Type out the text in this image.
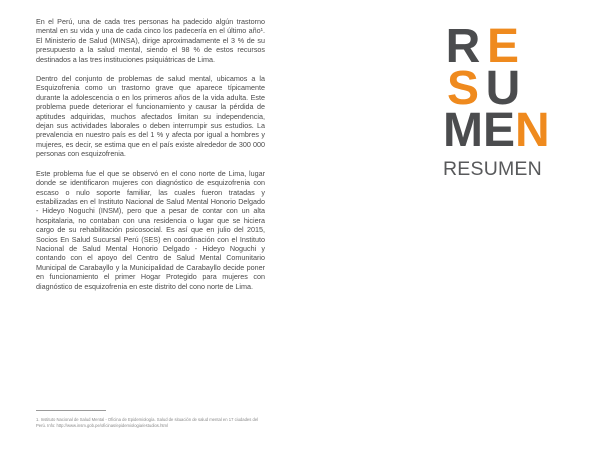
En el Perú, una de cada tres personas ha padecido algún trastorno mental en su vida y una de cada cinco los padecería en el último año¹. El Ministerio de Salud (MINSA), dirige aproximadamente el 3 % de su presupuesto a la salud mental, siendo el 98 % de estos recursos destinados a las tres instituciones psiquiátricas de Lima.

Dentro del conjunto de problemas de salud mental, ubicamos a la Esquizofrenia como un trastorno grave que aparece típicamente durante la adolescencia o en los primeros años de la vida adulta. Este problema puede deteriorar el funcionamiento y causar la pérdida de aptitudes adquiridas, muchos afectados limitan su independencia, dejan sus actividades laborales o deben interrumpir sus estudios. La prevalencia en nuestro país es del 1 % y afecta por igual a hombres y mujeres, es decir, se estima que en el país existe alrededor de 300 000 personas con esquizofrenia.

Este problema fue el que se observó en el cono norte de Lima, lugar donde se identificaron mujeres con diagnóstico de esquizofrenia con escaso o nulo soporte familiar, las cuales fueron tratadas y estabilizadas en el Instituto Nacional de Salud Mental Honorio Delgado - Hideyo Noguchi (INSM), pero que a pesar de contar con un alta hospitalaria, no contaban con una residencia o lugar que se hiciera cargo de su rehabilitación psicosocial. Es así que en julio del 2015, Socios En Salud Sucursal Perú (SES) en coordinación con el Instituto Nacional de Salud Mental Honorio Delgado - Hideyo Noguchi y contando con el apoyo del Centro de Salud Mental Comunitario Municipal de Carabayllo y la Municipalidad de Carabayllo decide poner en funcionamiento el primer Hogar Protegido para mujeres con diagnóstico de esquizofrenia en este distrito del cono norte de Lima.

1. Instituto Nacional de Salud Mental - Oficina de Epidemiología. Salud de situación de salud mental en 17 ciudades del Perú. Info: http://www.insm.gob.pe/oficinas/epidemiologia/estudios.html
R E
S U
ME N
RESUMEN
